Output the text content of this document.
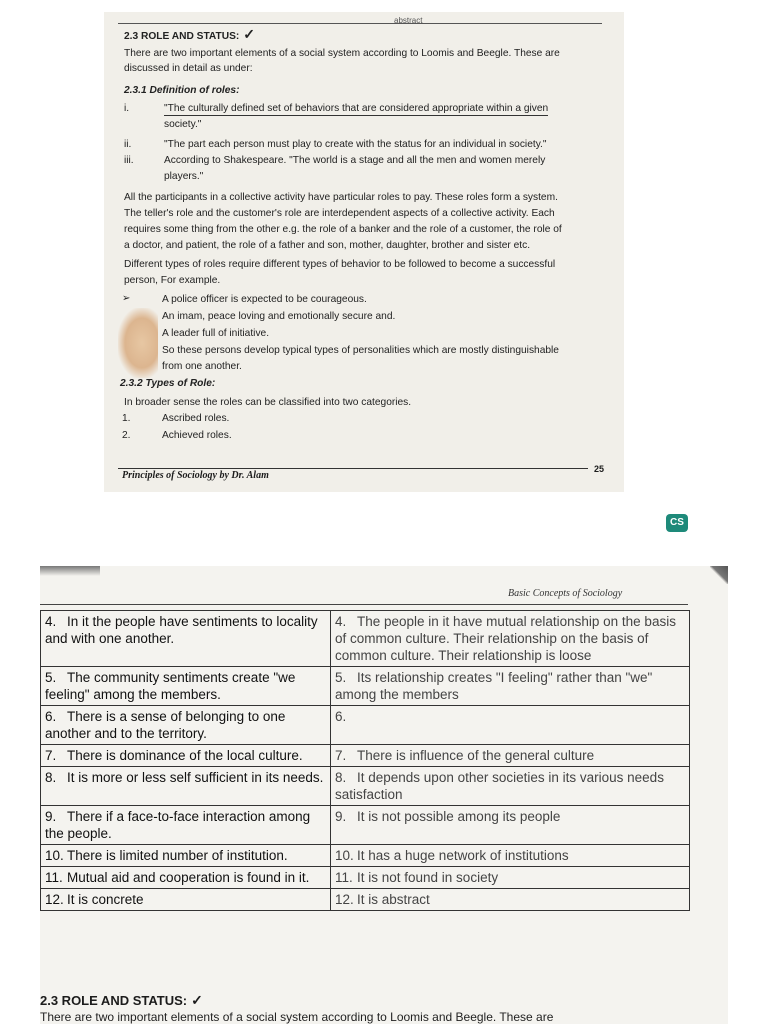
abstract
2.3 ROLE AND STATUS: ✓
There are two important elements of a social system according to Loomis and Beegle. These are
discussed in detail as under:
2.3.1 Definition of roles:
i.	"The culturally defined set of behaviors that are considered appropriate within a given
society."
ii.	"The part each person must play to create with the status for an individual in society."
iii.	According to Shakespeare. "The world is a stage and all the men and women merely
players."
All the participants in a collective activity have particular roles to pay. These roles form a system.
The teller's role and the customer's role are interdependent aspects of a collective activity. Each
requires some thing from the other e.g. the role of a banker and the role of a customer, the role of
a doctor, and patient, the role of a father and son, mother, daughter, brother and sister etc.
Different types of roles require different types of behavior to be followed to become a successful
person, For example.
➢	A police officer is expected to be courageous.
An imam, peace loving and emotionally secure and.
A leader full of initiative.
So these persons develop typical types of personalities which are mostly distinguishable
from one another.
2.3.2 Types of Role:
In broader sense the roles can be classified into two categories.
1.	Ascribed roles.
2.	Achieved roles.
Principles of Sociology by Dr. Alam
25
CS
Basic Concepts of Sociology
4. In it the people have sentiments to locality and with one another.	4. The people in it have mutual relationship on the basis of common culture. Their relationship on the basis of common culture. Their relationship is loose
5. The community sentiments create "we feeling" among the members.	5. Its relationship creates "I feeling" rather than "we" among the members
6. There is a sense of belonging to one another and to the territory.	6.
7. There is dominance of the local culture.	7. There is influence of the general culture
8. It is more or less self sufficient in its needs.	8. It depends upon other societies in its various needs satisfaction
9. There if a face-to-face interaction among the people.	9. It is not possible among its people
10. There is limited number of institution.	10. It has a huge network of institutions
11. Mutual aid and cooperation is found in it.	11. It is not found in society
12. It is concrete	12. It is abstract
2.3 ROLE AND STATUS: ✓
There are two important elements of a social system according to Loomis and Beegle. These are
